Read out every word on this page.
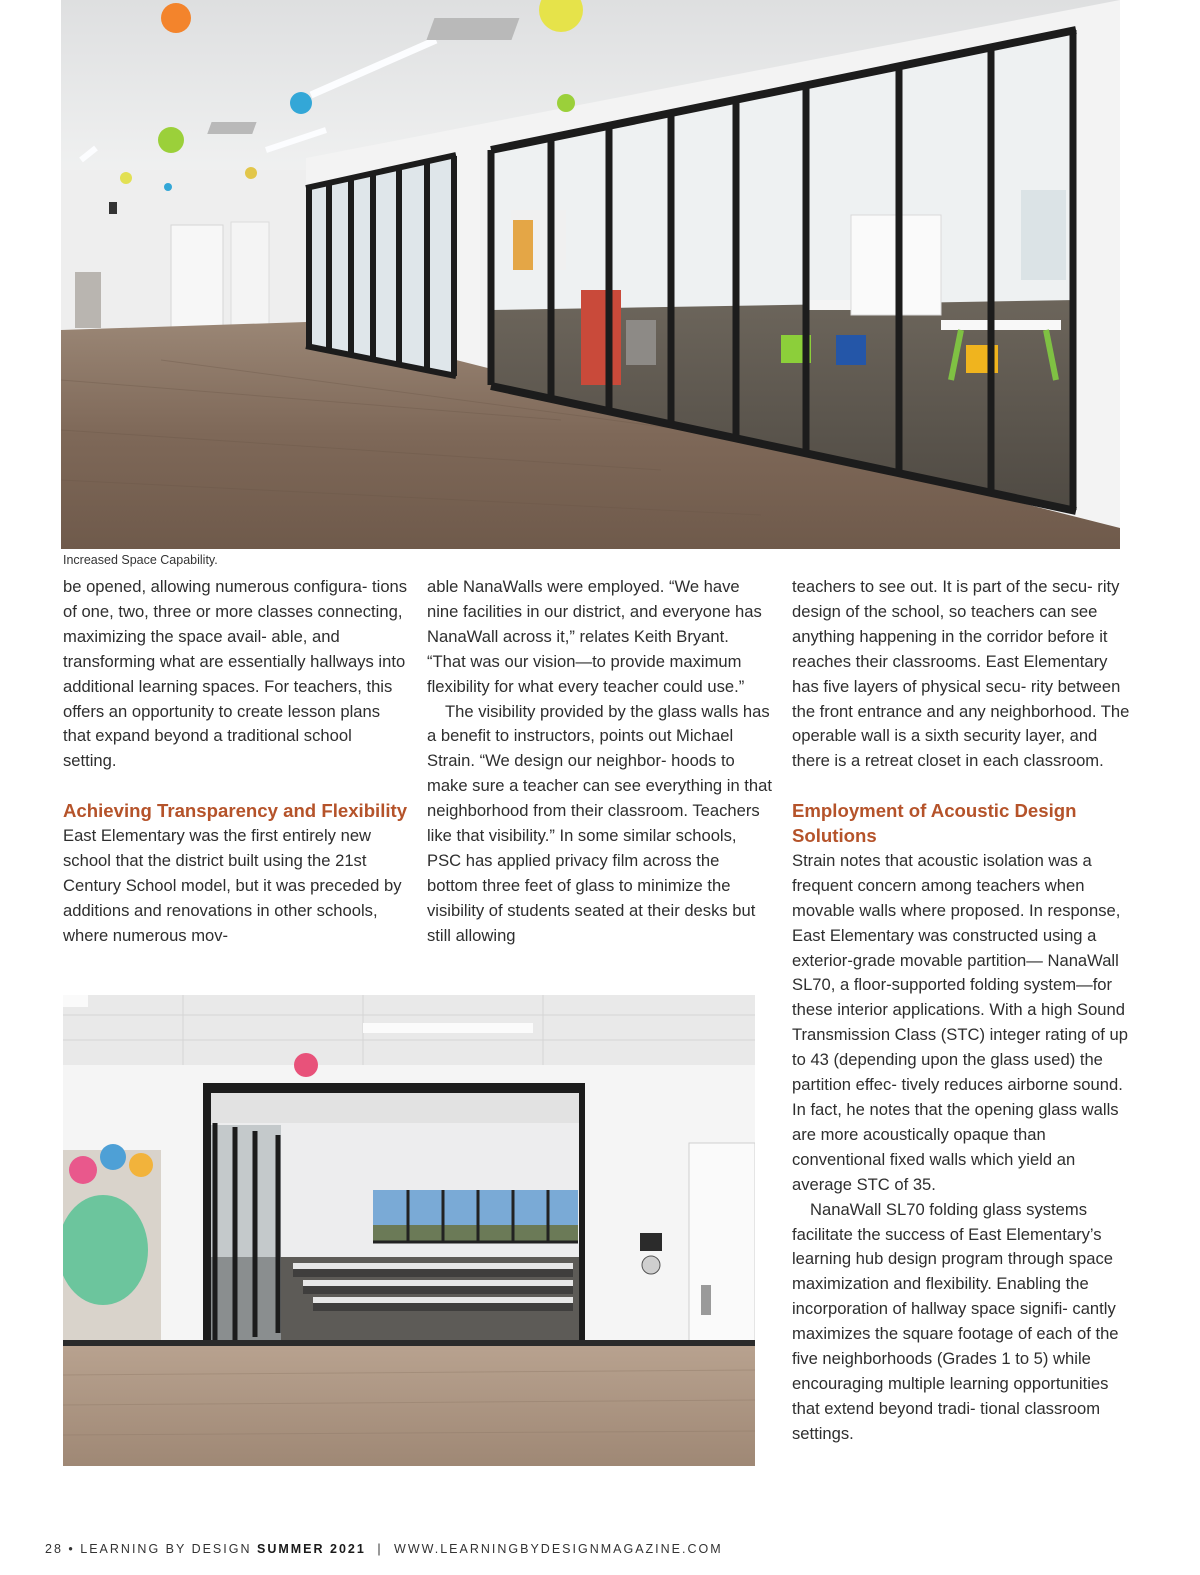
Increased Space Capability.

be opened, allowing numerous configura- tions of one, two, three or more classes connecting, maximizing the space avail- able, and transforming what are essentially hallways into additional learning spaces. For teachers, this offers an opportunity to create lesson plans that expand beyond a traditional school setting.

Achieving Transparency and Flexibility

East Elementary was the first entirely new school that the district built using the 21st Century School model, but it was preceded by additions and renovations in other schools, where numerous mov-

able NanaWalls were employed. “We have nine facilities in our district, and everyone has NanaWall across it,” relates Keith Bryant. “That was our vision—to provide maximum flexibility for what every teacher could use.”

The visibility provided by the glass walls has a benefit to instructors, points out Michael Strain. “We design our neighbor- hoods to make sure a teacher can see everything in that neighborhood from their classroom. Teachers like that visibility.” In some similar schools, PSC has applied privacy film across the bottom three feet of glass to minimize the visibility of students seated at their desks but still allowing

teachers to see out. It is part of the secu- rity design of the school, so teachers can see anything happening in the corridor before it reaches their classrooms. East Elementary has five layers of physical secu- rity between the front entrance and any neighborhood. The operable wall is a sixth security layer, and there is a retreat closet in each classroom.

Employment of Acoustic Design Solutions

Strain notes that acoustic isolation was a frequent concern among teachers when movable walls where proposed. In response, East Elementary was constructed using a exterior-grade movable partition— NanaWall SL70, a floor-supported folding system—for these interior applications. With a high Sound Transmission Class (STC) integer rating of up to 43 (depending upon the glass used) the partition effec- tively reduces airborne sound. In fact, he notes that the opening glass walls are more acoustically opaque than conventional fixed walls which yield an average STC of 35.

NanaWall SL70 folding glass systems facilitate the success of East Elementary’s learning hub design program through space maximization and flexibility. Enabling the incorporation of hallway space signifi- cantly maximizes the square footage of each of the five neighborhoods (Grades 1 to 5) while encouraging multiple learning opportunities that extend beyond tradi- tional classroom settings.

28 • LEARNING BY DESIGN SUMMER 2021 | WWW.LEARNINGBYDESIGNMAGAZINE.COM
